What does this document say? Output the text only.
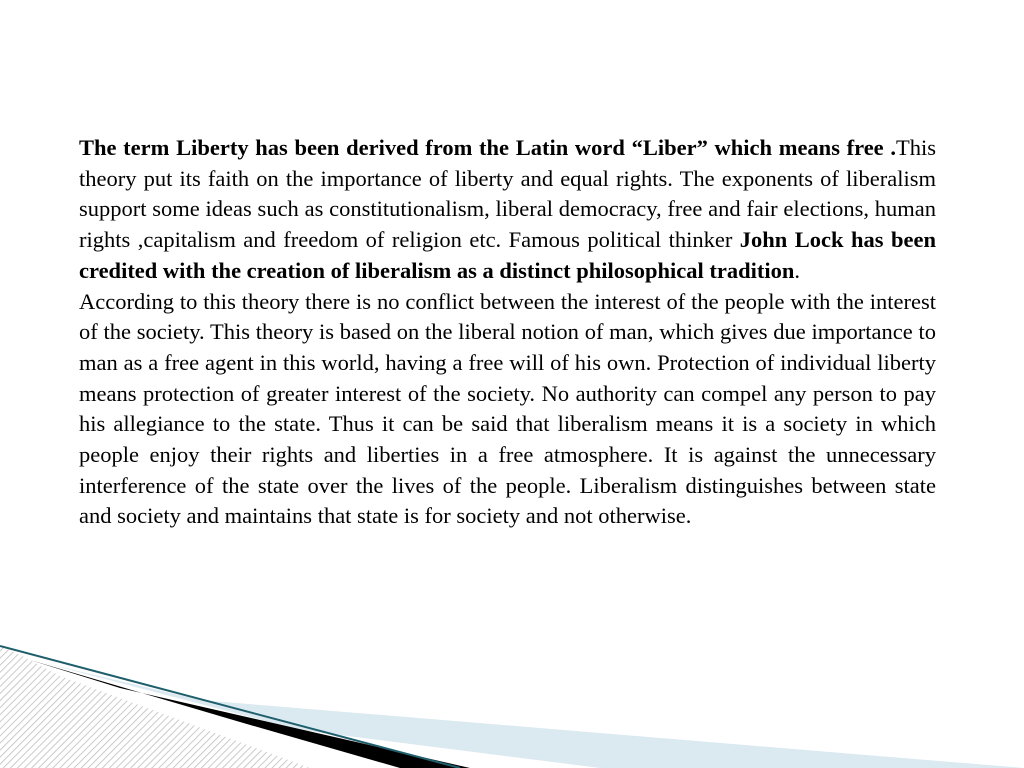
The term Liberty has been derived from the Latin word “Liber” which means free .This theory put its faith on the importance of liberty and equal rights. The exponents of liberalism support some ideas such as constitutionalism, liberal democracy, free and fair elections, human rights ,capitalism and freedom of religion etc. Famous political thinker John Lock has been credited with the creation of liberalism as a distinct philosophical tradition.

According to this theory there is no conflict between the interest of the people with the interest of the society. This theory is based on the liberal notion of man, which gives due importance to man as a free agent in this world, having a free will of his own. Protection of individual liberty means protection of greater interest of the society. No authority can compel any person to pay his allegiance to the state. Thus it can be said that liberalism means it is a society in which people enjoy their rights and liberties in a free atmosphere. It is against the unnecessary interference of the state over the lives of the people. Liberalism distinguishes between state and society and maintains that state is for society and not otherwise.
